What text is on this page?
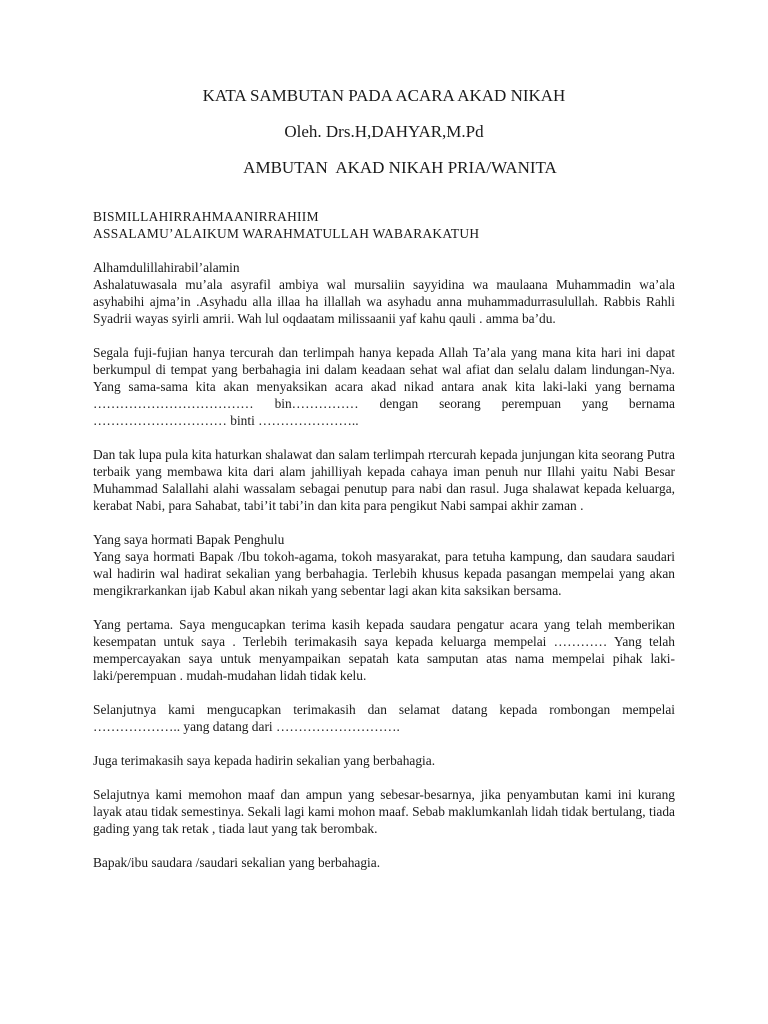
KATA SAMBUTAN PADA ACARA AKAD NIKAH
Oleh. Drs.H,DAHYAR,M.Pd
AMBUTAN  AKAD NIKAH PRIA/WANITA

BISMILLAHIRRAHMAANIRRAHIIM

ASSALAMU’ALAIKUM WARAHMATULLAH WABARAKATUH

Alhamdulillahirabil’alamin

Ashalatuwasala mu’ala asyrafil ambiya wal mursaliin sayyidina wa maulaana Muhammadin wa’ala asyhabihi ajma’in .Asyhadu alla illaa ha illallah wa asyhadu anna muhammadurrasulullah. Rabbis Rahli Syadrii wayas syirli amrii. Wah lul oqdaatam milissaanii yaf kahu qauli . amma ba’du.

Segala fuji-fujian hanya tercurah dan terlimpah hanya kepada Allah Ta’ala yang mana kita hari ini dapat berkumpul di tempat yang berbahagia ini dalam keadaan sehat wal afiat dan selalu dalam lindungan-Nya. Yang sama-sama kita akan menyaksikan acara akad nikad antara anak kita laki-laki yang bernama ……………………………… bin…………… dengan seorang perempuan yang bernama ………………………… binti …………………..

Dan tak lupa pula kita haturkan shalawat dan salam terlimpah rtercurah kepada junjungan kita seorang Putra terbaik yang membawa kita dari alam jahilliyah kepada cahaya iman penuh nur Illahi yaitu Nabi Besar Muhammad Salallahi alahi wassalam sebagai penutup para nabi dan rasul. Juga shalawat kepada keluarga, kerabat Nabi, para Sahabat, tabi’it tabi’in dan kita para pengikut Nabi sampai akhir zaman .

Yang saya hormati Bapak Penghulu

Yang saya hormati Bapak /Ibu tokoh-agama, tokoh masyarakat, para tetuha kampung, dan saudara saudari wal hadirin wal hadirat sekalian yang berbahagia. Terlebih khusus kepada pasangan mempelai yang akan mengikrarkankan ijab Kabul akan nikah yang sebentar lagi akan kita saksikan bersama.

Yang pertama. Saya mengucapkan terima kasih kepada saudara pengatur acara yang telah memberikan kesempatan untuk saya . Terlebih terimakasih saya kepada keluarga mempelai ………… Yang telah mempercayakan saya untuk menyampaikan sepatah kata samputan atas nama mempelai pihak laki-laki/perempuan . mudah-mudahan lidah tidak kelu.

Selanjutnya kami mengucapkan terimakasih dan selamat datang kepada rombongan mempelai ……………….. yang datang dari ……………………….

Juga terimakasih saya kepada hadirin sekalian yang berbahagia.

Selajutnya kami memohon maaf dan ampun yang sebesar-besarnya, jika penyambutan kami ini kurang layak atau tidak semestinya. Sekali lagi kami mohon maaf. Sebab maklumkanlah lidah tidak bertulang, tiada gading yang tak retak , tiada laut yang tak berombak.

Bapak/ibu saudara /saudari sekalian yang berbahagia.
